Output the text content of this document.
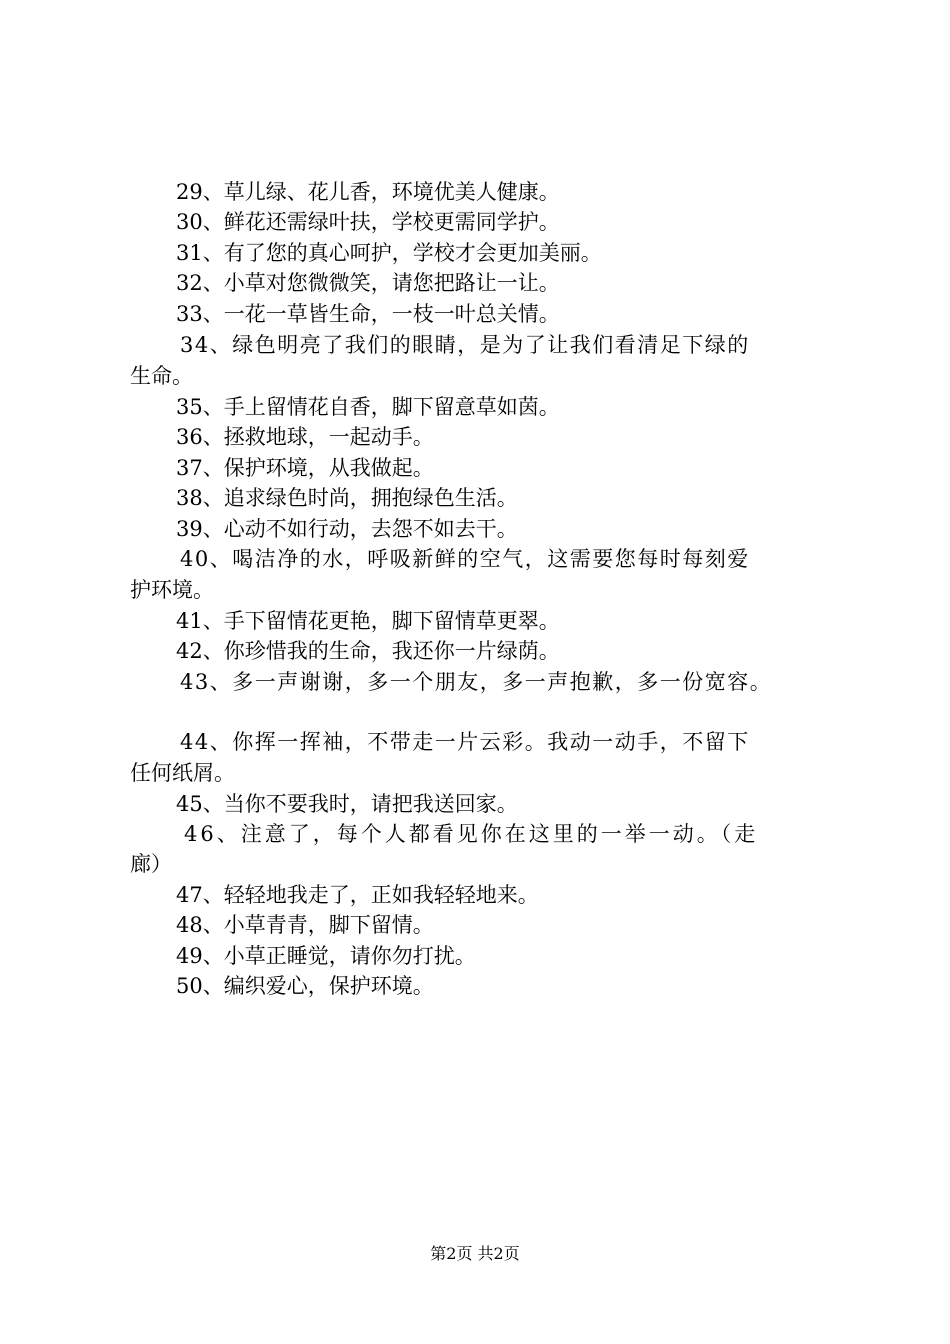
29、草儿绿、花儿香，环境优美人健康。
30、鲜花还需绿叶扶，学校更需同学护。
31、有了您的真心呵护，学校才会更加美丽。
32、小草对您微微笑，请您把路让一让。
33、一花一草皆生命，一枝一叶总关情。
34、绿色明亮了我们的眼睛，是为了让我们看清足下绿的
生命。
35、手上留情花自香，脚下留意草如茵。
36、拯救地球，一起动手。
37、保护环境，从我做起。
38、追求绿色时尚，拥抱绿色生活。
39、心动不如行动，去怨不如去干。
40、喝洁净的水，呼吸新鲜的空气，这需要您每时每刻爱
护环境。
41、手下留情花更艳，脚下留情草更翠。
42、你珍惜我的生命，我还你一片绿荫。
43、多一声谢谢，多一个朋友，多一声抱歉，多一份宽容。
44、你挥一挥袖，不带走一片云彩。我动一动手，不留下
任何纸屑。
45、当你不要我时，请把我送回家。
46、注意了，每个人都看见你在这里的一举一动。（走
廊）
47、轻轻地我走了，正如我轻轻地来。
48、小草青青，脚下留情。
49、小草正睡觉，请你勿打扰。
50、编织爱心，保护环境。
第2页 共2页
